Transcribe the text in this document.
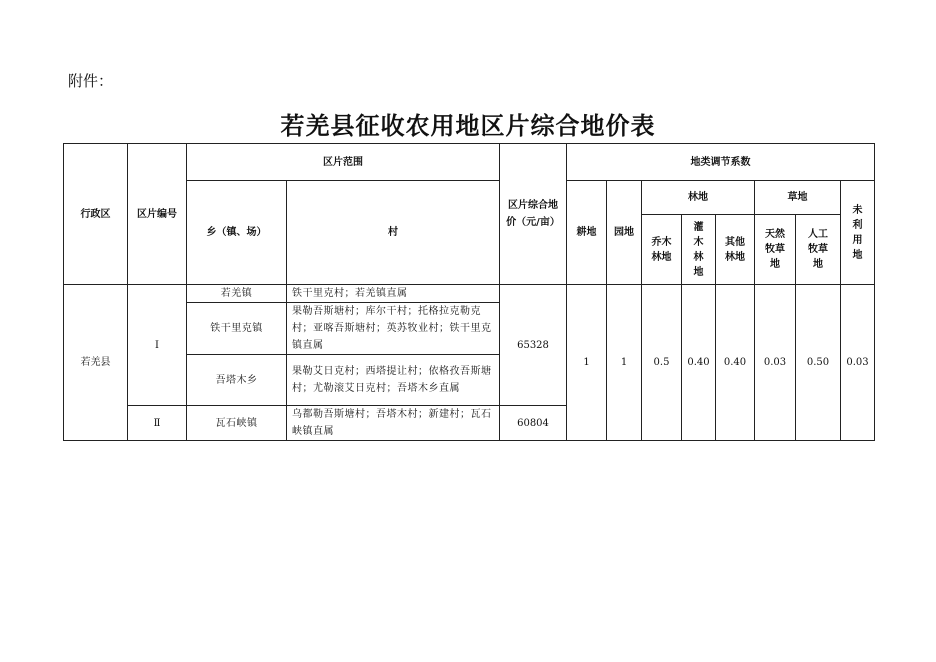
附件：
若羌县征收农用地区片综合地价表
行政区	区片编号	区片范围		区片综合地价（元/亩）	地类调节系数							
		乡（镇、场）	村		耕地	园地	林地			草地		未利用地
							乔木林地	灌木林地	其他林地	天然牧草地	人工牧草地	
若羌县	Ⅰ	若羌镇	铁干里克村；若羌镇直属	65328	1	1	0.5	0.40	0.40	0.03	0.50	0.03
		铁干里克镇	果勒吾斯塘村；库尔干村；托格拉克勒克村；亚喀吾斯塘村；英苏牧业村；铁干里克镇直属									
		吾塔木乡	果勒艾日克村；西塔提让村；依格孜吾斯塘村；尤勒滚艾日克村；吾塔木乡直属									

	Ⅱ	瓦石峡镇	乌都勒吾斯塘村；吾塔木村；新建村；瓦石峡镇直属	60804								
